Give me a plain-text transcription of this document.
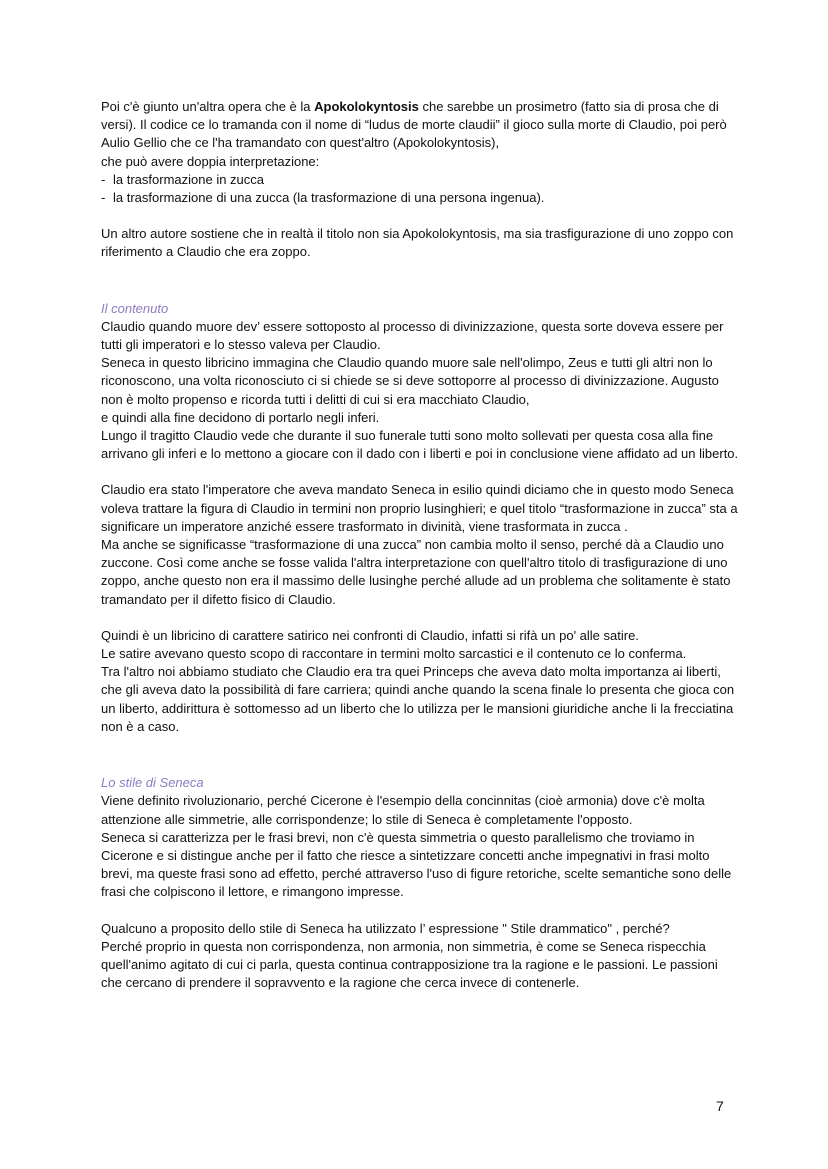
Poi c'è giunto un'altra opera che è la Apokolokyntosis che sarebbe un prosimetro (fatto sia di prosa che di versi). Il codice ce lo tramanda con il nome di “ludus de morte claudii” il gioco sulla morte di Claudio, poi però Aulio Gellio che ce l'ha tramandato con quest'altro (Apokolokyntosis),

che può avere doppia interpretazione:

- la trasformazione in zucca

- la trasformazione di una zucca (la trasformazione di una persona ingenua).

Un altro autore sostiene che in realtà il titolo non sia Apokolokyntosis, ma sia trasfigurazione di uno zoppo con riferimento a Claudio che era zoppo.

Il contenuto

Claudio quando muore dev’ essere sottoposto al processo di divinizzazione, questa sorte doveva essere per tutti gli imperatori e lo stesso valeva per Claudio.

Seneca in questo libricino immagina che Claudio quando muore sale nell'olimpo, Zeus e tutti gli altri non lo riconoscono, una volta riconosciuto ci si chiede se si deve sottoporre al processo di divinizzazione. Augusto non è molto propenso e ricorda tutti i delitti di cui si era macchiato Claudio,

e quindi alla fine decidono di portarlo negli inferi.

Lungo il tragitto Claudio vede che durante il suo funerale tutti sono molto sollevati per questa cosa alla fine arrivano gli inferi e lo mettono a giocare con il dado con i liberti e poi in conclusione viene affidato ad un liberto.

Claudio era stato l'imperatore che aveva mandato Seneca in esilio quindi diciamo che in questo modo Seneca voleva trattare la figura di Claudio in termini non proprio lusinghieri; e quel titolo “trasformazione in zucca” sta a significare un imperatore anziché essere trasformato in divinità, viene trasformata in zucca .

Ma anche se significasse “trasformazione di una zucca” non cambia molto il senso, perché dà a Claudio uno zuccone. Così come anche se fosse valida l'altra interpretazione con quell'altro titolo di trasfigurazione di uno zoppo, anche questo non era il massimo delle lusinghe perché allude ad un problema che solitamente è stato tramandato per il difetto fisico di Claudio.

Quindi è un libricino di carattere satirico nei confronti di Claudio, infatti si rifà un po' alle satire.

Le satire avevano questo scopo di raccontare in termini molto sarcastici e il contenuto ce lo conferma.

Tra l'altro noi abbiamo studiato che Claudio era tra quei Princeps che aveva dato molta importanza ai liberti, che gli aveva dato la possibilità di fare carriera; quindi anche quando la scena finale lo presenta che gioca con un liberto, addirittura è sottomesso ad un liberto che lo utilizza per le mansioni giuridiche anche li la frecciatina non è a caso.

Lo stile di Seneca

Viene definito rivoluzionario, perché Cicerone è l'esempio della concinnitas (cioè armonia) dove c'è molta attenzione alle simmetrie, alle corrispondenze; lo stile di Seneca è completamente l'opposto.

Seneca si caratterizza per le frasi brevi, non c'è questa simmetria o questo parallelismo che troviamo in Cicerone e si distingue anche per il fatto che riesce a sintetizzare concetti anche impegnativi in frasi molto brevi, ma queste frasi sono ad effetto, perché attraverso l'uso di figure retoriche, scelte semantiche sono delle frasi che colpiscono il lettore, e rimangono impresse.

Qualcuno a proposito dello stile di Seneca ha utilizzato l’ espressione " Stile drammatico" , perché?

Perché proprio in questa non corrispondenza, non armonia, non simmetria, è come se Seneca rispecchia quell'animo agitato di cui ci parla, questa continua contrapposizione tra la ragione e le passioni. Le passioni che cercano di prendere il sopravvento e la ragione che cerca invece di contenerle.

7
